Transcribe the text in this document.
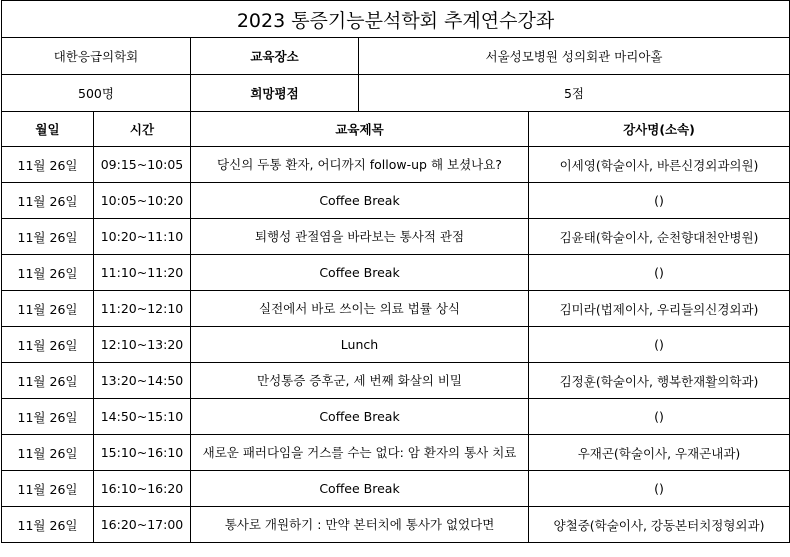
2023 통증기능분석학회 추계연수강좌				
대한응급의학회		교육장소	서울성모병원 성의회관 마리아홀	
500명		희망평점	5점	
월일	시간	교육제목		강사명(소속)
11월 26일	09:15~10:05	당신의 두통 환자, 어디까지 follow-up 해 보셨나요?		이세영(학술이사, 바른신경외과의원)
11월 26일	10:05~10:20	Coffee Break		()
11월 26일	10:20~11:10	퇴행성 관절염을 바라보는 통사적 관점		김윤태(학술이사, 순천향대천안병원)
11월 26일	11:10~11:20	Coffee Break		()
11월 26일	11:20~12:10	실전에서 바로 쓰이는 의료 법률 상식		김미라(법제이사, 우리들의신경외과)
11월 26일	12:10~13:20	Lunch		()
11월 26일	13:20~14:50	만성통증 증후군, 세 번째 화살의 비밀		김정훈(학술이사, 행복한재활의학과)
11월 26일	14:50~15:10	Coffee Break		()
11월 26일	15:10~16:10	새로운 패러다임을 거스를 수는 없다: 암 환자의 통사 치료		우재곤(학술이사, 우재곤내과)
11월 26일	16:10~16:20	Coffee Break		()
11월 26일	16:20~17:00	통사로 개원하기 : 만약 본터치에 통사가 없었다면		양철중(학술이사, 강동본터치정형외과)
